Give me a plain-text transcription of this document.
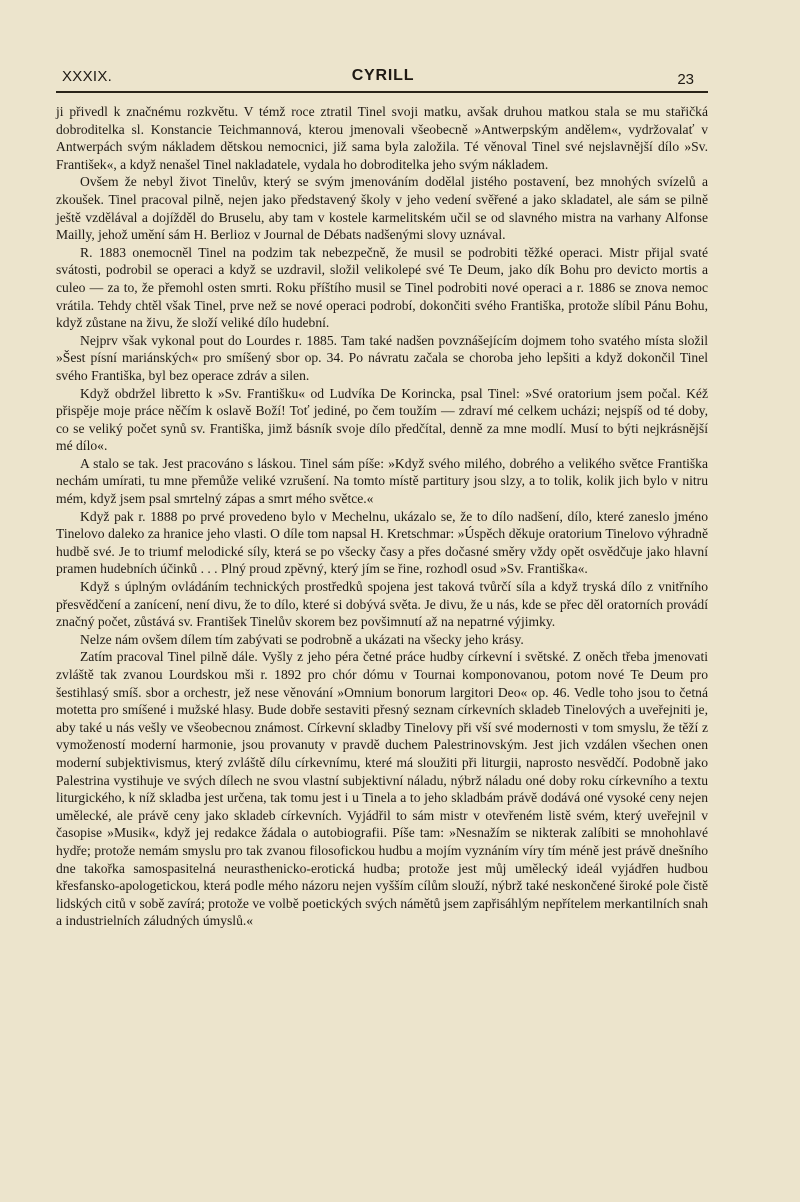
XXXIX.	CYRILL	23

ji přivedl k značnému rozkvětu. V témž roce ztratil Tinel svoji matku, avšak druhou matkou stala se mu stařičká dobroditelka sl. Konstancie Teichmannová, kterou jmenovali všeobecně »Antwerpským andělem«, vydržovalať v Antwerpách svým nákladem dětskou nemocnici, již sama byla založila. Té věnoval Tinel své nejslavnější dílo »Sv. František«, a když nenašel Tinel nakladatele, vydala ho dobroditelka jeho svým nákladem.

Ovšem že nebyl život Tinelův, který se svým jmenováním dodělal jistého postavení, bez mnohých svízelů a zkoušek. Tinel pracoval pilně, nejen jako představený školy v jeho vedení svěřené a jako skladatel, ale sám se pilně ještě vzdělával a dojížděl do Bruselu, aby tam v kostele karmelitském učil se od slavného mistra na varhany Alfonse Mailly, jehož umění sám H. Berlioz v Journal de Débats nadšenými slovy uznával.

R. 1883 onemocněl Tinel na podzim tak nebezpečně, že musil se podrobiti těžké operaci. Mistr přijal svaté svátosti, podrobil se operaci a když se uzdravil, složil velikolepé své Te Deum, jako dík Bohu pro devicto mortis a culeo — za to, že přemohl osten smrti. Roku příštího musil se Tinel podrobiti nové operaci a r. 1886 se znova nemoc vrátila. Tehdy chtěl však Tinel, prve než se nové operaci podrobí, dokončiti svého Františka, protože slíbil Pánu Bohu, když zůstane na živu, že složí veliké dílo hudební.

Nejprv však vykonal pout do Lourdes r. 1885. Tam také nadšen povznášejícím dojmem toho svatého místa složil »Šest písní mariánských« pro smíšený sbor op. 34. Po návratu začala se choroba jeho lepšiti a když dokončil Tinel svého Františka, byl bez operace zdráv a silen.

Když obdržel libretto k »Sv. Františku« od Ludvíka De Korincka, psal Tinel: »Své oratorium jsem počal. Kéž přispěje moje práce něčím k oslavě Boží! Toť jediné, po čem toužím — zdraví mé celkem ucházi; nejspíš od té doby, co se veliký počet synů sv. Františka, jimž básník svoje dílo předčítal, denně za mne modlí. Musí to býti nejkrásnější mé dílo«.

A stalo se tak. Jest pracováno s láskou. Tinel sám píše: »Když svého milého, dobrého a velikého světce Františka nechám umírati, tu mne přemůže veliké vzrušení. Na tomto místě partitury jsou slzy, a to tolik, kolik jich bylo v nitru mém, když jsem psal smrtelný zápas a smrt mého světce.«

Když pak r. 1888 po prvé provedeno bylo v Mechelnu, ukázalo se, že to dílo nadšení, dílo, které zaneslo jméno Tinelovo daleko za hranice jeho vlasti. O díle tom napsal H. Kretschmar: »Úspěch děkuje oratorium Tinelovo výhradně hudbě své. Je to triumf melodické síly, která se po všecky časy a přes dočasné směry vždy opět osvědčuje jako hlavní pramen hudebních účinků . . . Plný proud zpěvný, který jím se řine, rozhodl osud »Sv. Františka«.

Když s úplným ovládáním technických prostředků spojena jest taková tvůrčí síla a když tryská dílo z vnitřního přesvědčení a zanícení, není divu, že to dílo, které si dobývá světa. Je divu, že u nás, kde se přec děl oratorních provádí značný počet, zůstává sv. František Tinelův skorem bez povšimnutí až na nepatrné výjimky.

Nelze nám ovšem dílem tím zabývati se podrobně a ukázati na všecky jeho krásy.

Zatím pracoval Tinel pilně dále. Vyšly z jeho péra četné práce hudby církevní i světské. Z oněch třeba jmenovati zvláště tak zvanou Lourdskou mši r. 1892 pro chór dómu v Tournai komponovanou, potom nové Te Deum pro šestihlasý smíš. sbor a orchestr, jež nese věnování »Omnium bonorum largitori Deo« op. 46. Vedle toho jsou to četná motetta pro smíšené i mužské hlasy. Bude dobře sestaviti přesný seznam církevních skladeb Tinelových a uveřejniti je, aby také u nás vešly ve všeobecnou známost. Církevní skladby Tinelovy při vší své modernosti v tom smyslu, že těží z vymožeností moderní harmonie, jsou provanuty v pravdě duchem Palestrinovským. Jest jich vzdálen všechen onen moderní subjektivismus, který zvláště dílu církevnímu, které má sloužiti při liturgii, naprosto nesvědčí. Podobně jako Palestrina vystihuje ve svých dílech ne svou vlastní subjektivní náladu, nýbrž náladu oné doby roku církevního a textu liturgického, k níž skladba jest určena, tak tomu jest i u Tinela a to jeho skladbám právě dodává oné vysoké ceny nejen umělecké, ale právě ceny jako skladeb církevních. Vyjádřil to sám mistr v otevřeném listě svém, který uveřejnil v časopise »Musik«, když jej redakce žádala o autobiografii. Píše tam: »Nesnažím se nikterak zalíbiti se mnohohlavé hydře; protože nemám smyslu pro tak zvanou filosofickou hudbu a mojím vyznáním víry tím méně jest právě dnešního dne takořka samospasitelná neurasthenicko-erotická hudba; protože jest můj umělecký ideál vyjádřen hudbou křesfansko-apologetickou, která podle mého názoru nejen vyšším cílům slouží, nýbrž také neskončené široké pole čistě lidských citů v sobě zavírá; protože ve volbě poetických svých námětů jsem zapřisáhlým nepřítelem merkantilních snah a industrielních záludných úmyslů.«
